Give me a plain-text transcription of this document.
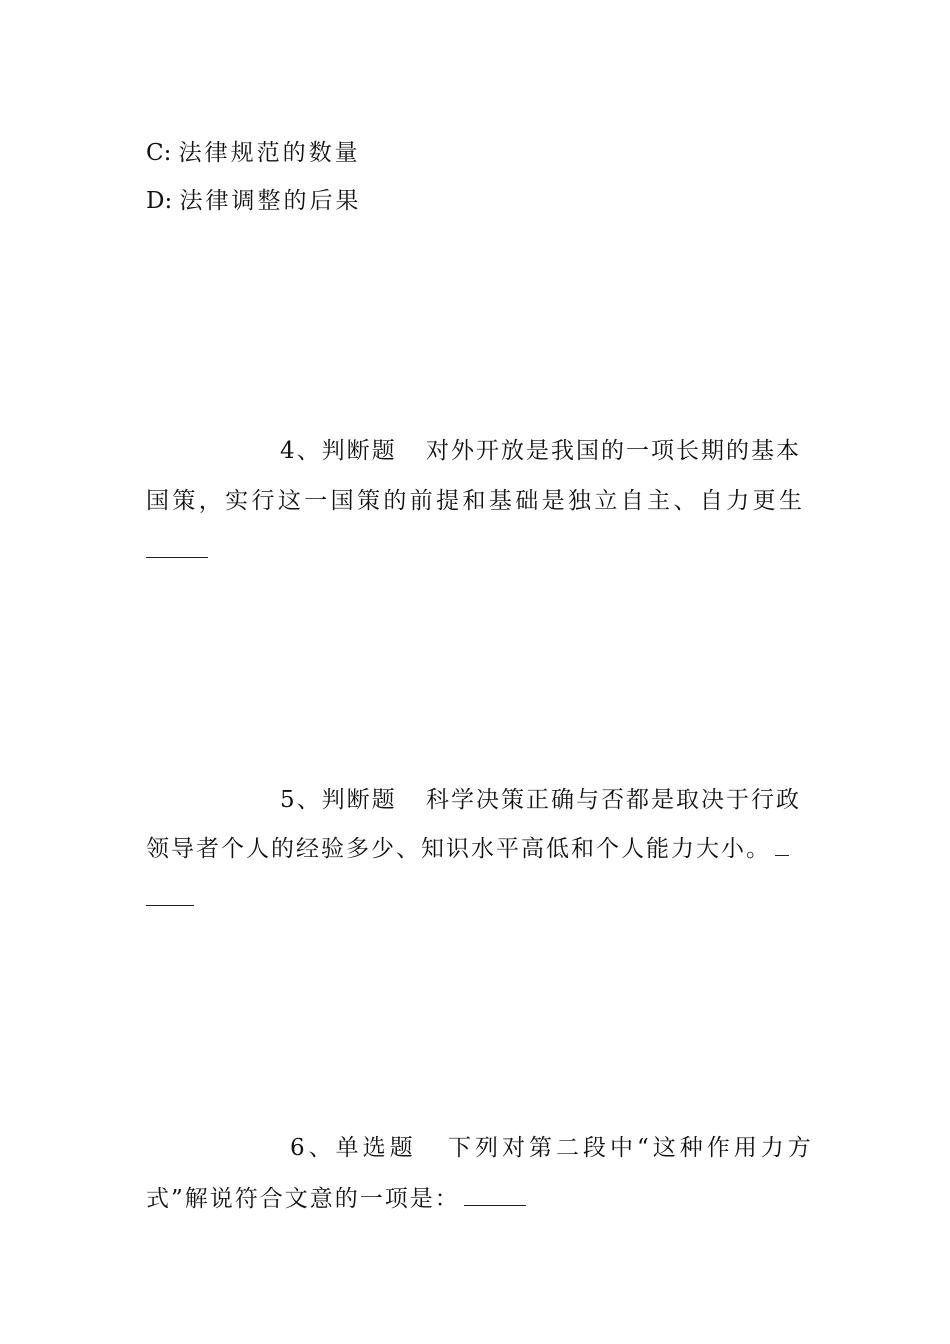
C: 法律规范的数量
D: 法律调整的后果
4、判断题 对外开放是我国的一项长期的基本
国策，实行这一国策的前提和基础是独立自主、自力更生
5、判断题 科学决策正确与否都是取决于行政
领导者个人的经验多少、知识水平高低和个人能力大小。
6、单选题 下列对第二段中“这种作用力方
式”解说符合文意的一项是：
